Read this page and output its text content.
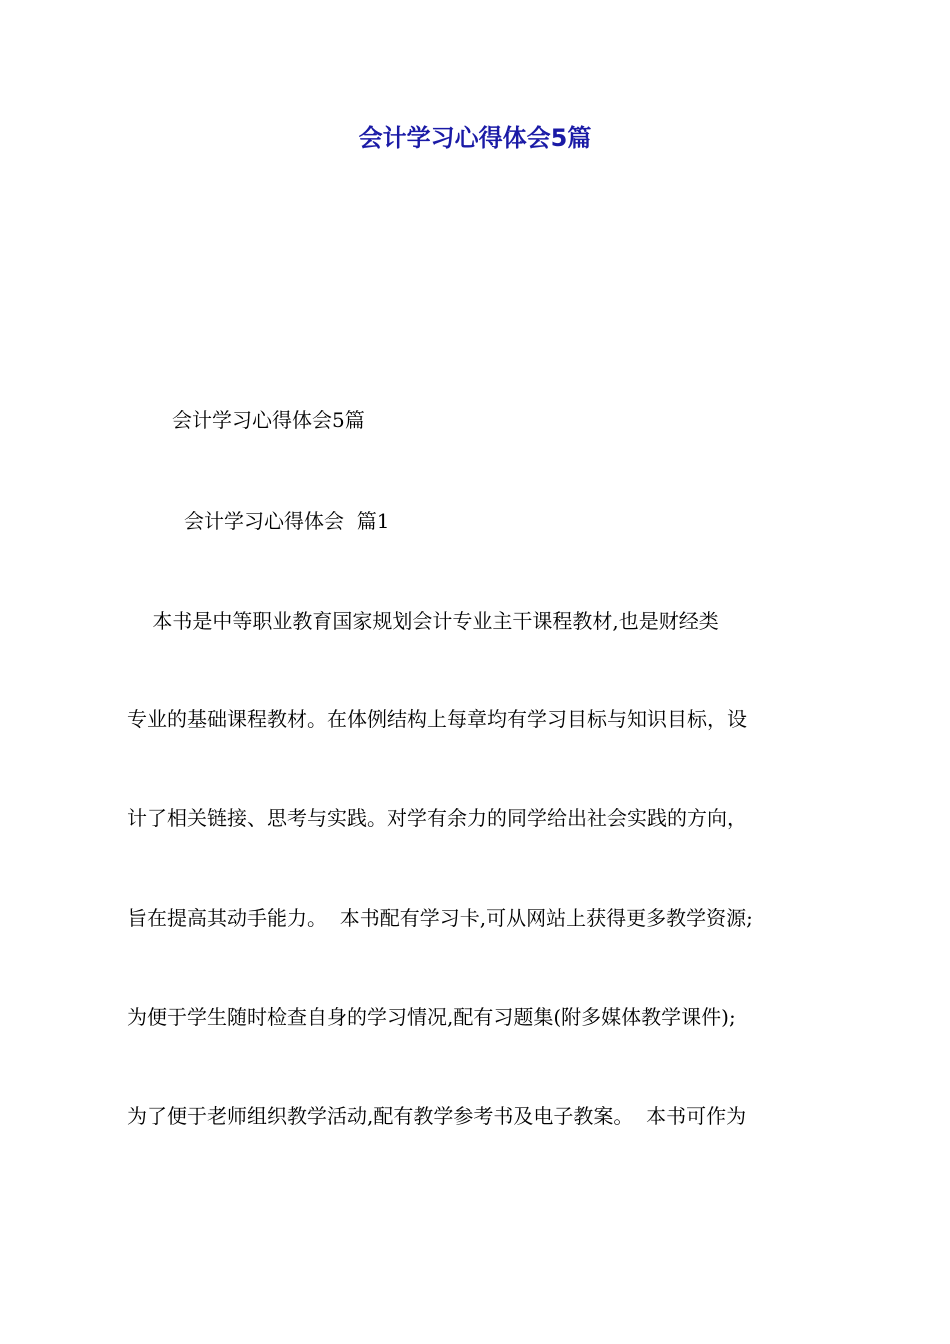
会计学习心得体会5篇

会计学习心得体会5篇

会计学习心得体会  篇1

本书是中等职业教育国家规划会计专业主干课程教材,也是财经类

专业的基础课程教材。在体例结构上每章均有学习目标与知识目标，设

计了相关链接、思考与实践。对学有余力的同学给出社会实践的方向，

旨在提高其动手能力。  本书配有学习卡,可从网站上获得更多教学资源;

为便于学生随时检查自身的学习情况,配有习题集(附多媒体教学课件);

为了便于老师组织教学活动,配有教学参考书及电子教案。  本书可作为
